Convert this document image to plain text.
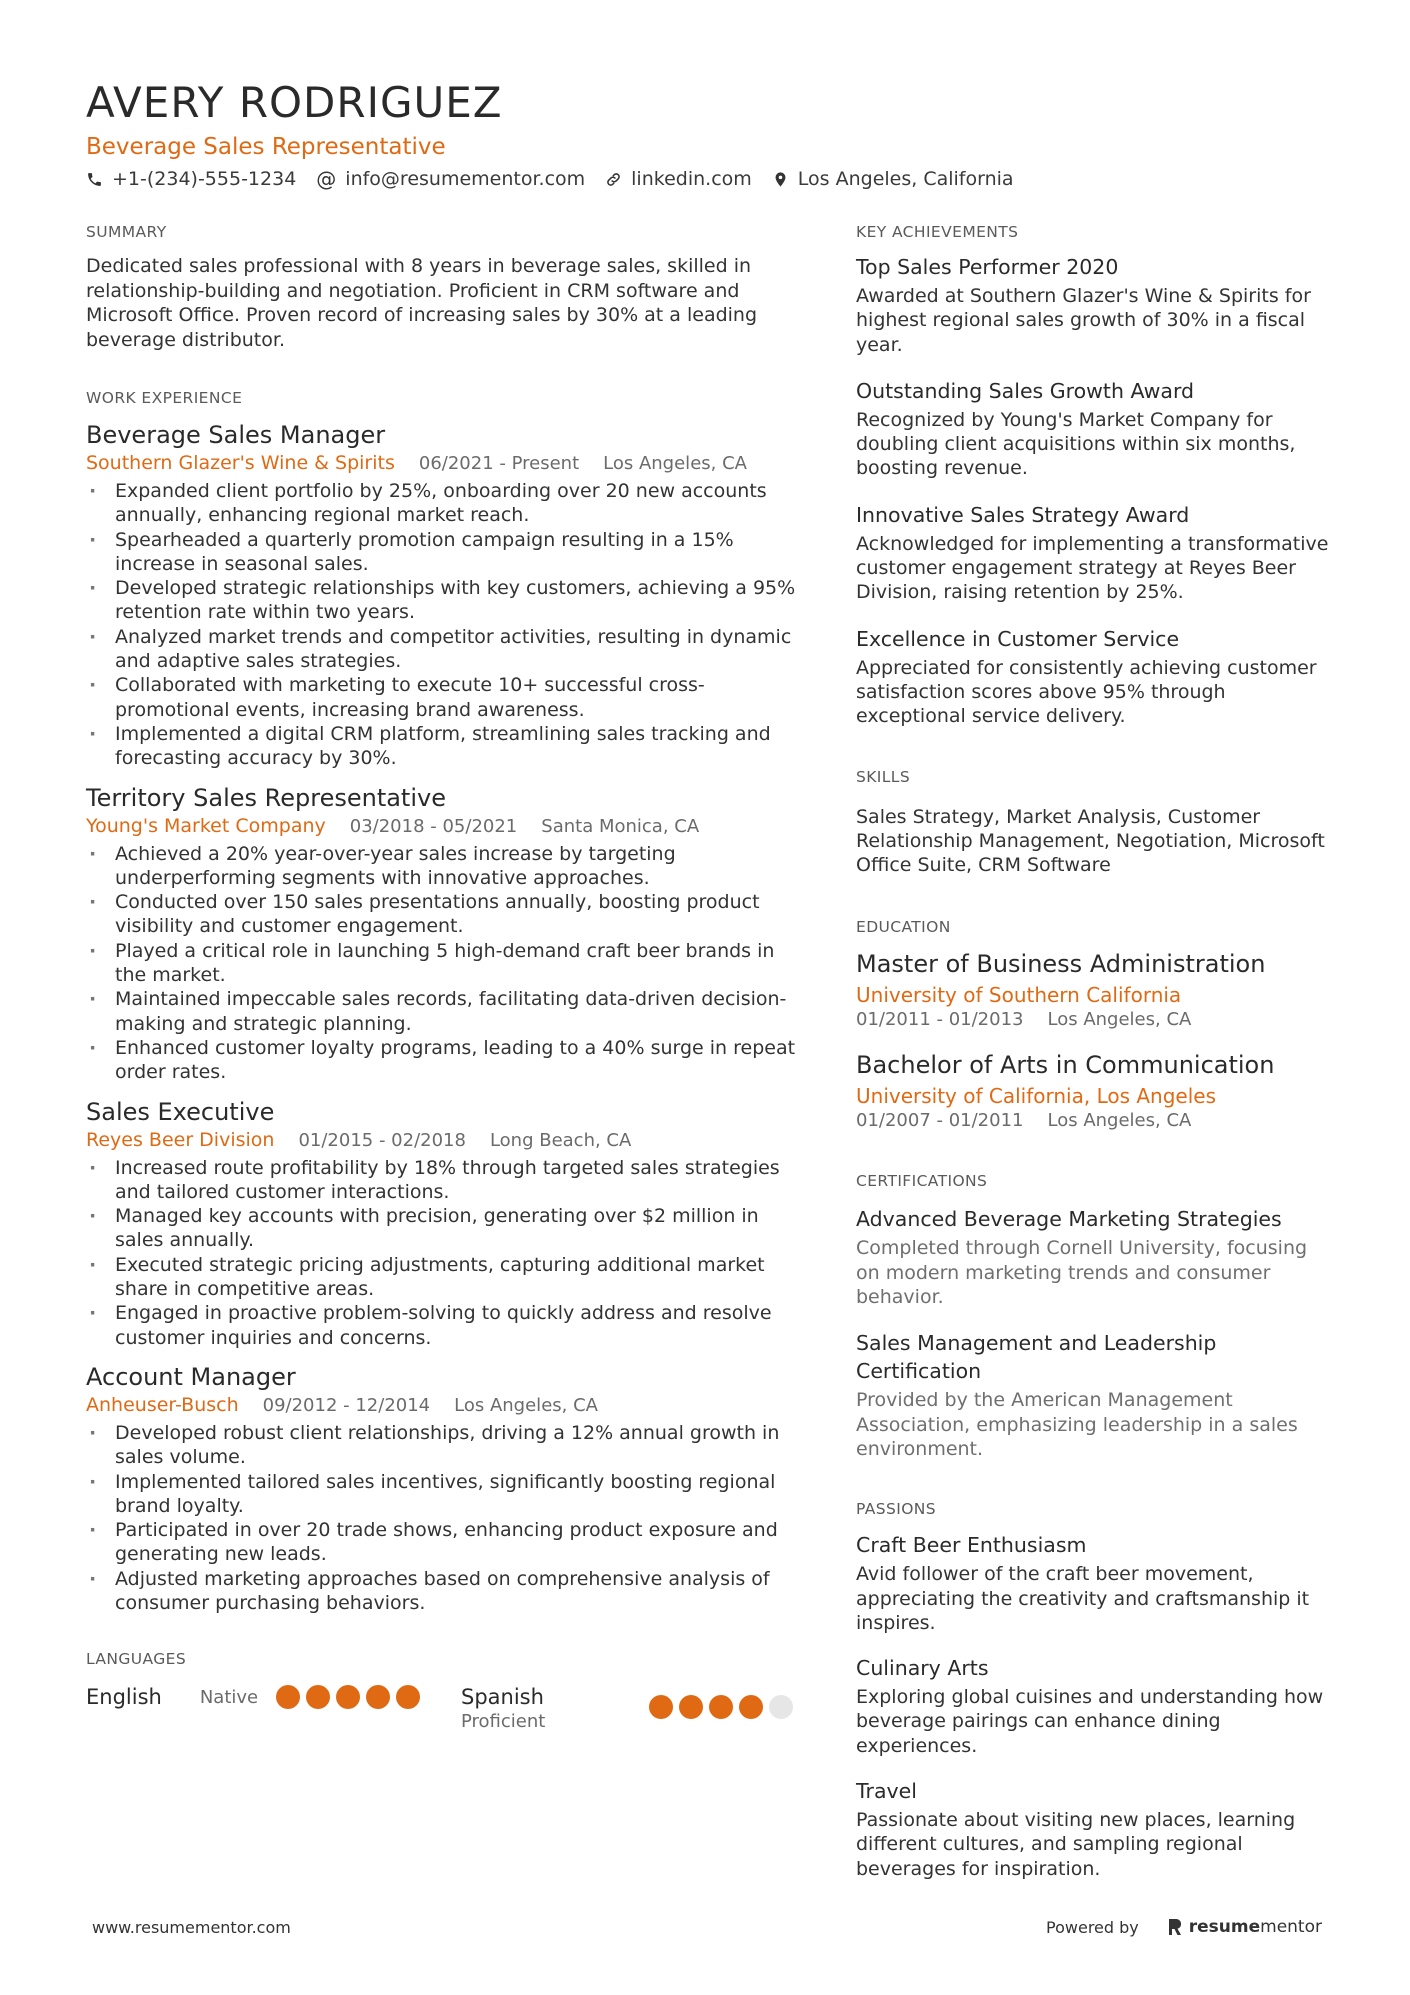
AVERY RODRIGUEZ
Beverage Sales Representative
+1-(234)-555-1234 @ info@resumementor.com linkedin.com Los Angeles, California
SUMMARY
Dedicated sales professional with 8 years in beverage sales, skilled in relationship-building and negotiation. Proficient in CRM software and Microsoft Office. Proven record of increasing sales by 30% at a leading beverage distributor.
WORK EXPERIENCE
Beverage Sales Manager
Southern Glazer's Wine & Spirits 06/2021 - Present Los Angeles, CA
· Expanded client portfolio by 25%, onboarding over 20 new accounts annually, enhancing regional market reach.
· Spearheaded a quarterly promotion campaign resulting in a 15% increase in seasonal sales.
· Developed strategic relationships with key customers, achieving a 95% retention rate within two years.
· Analyzed market trends and competitor activities, resulting in dynamic and adaptive sales strategies.
· Collaborated with marketing to execute 10+ successful cross-promotional events, increasing brand awareness.
· Implemented a digital CRM platform, streamlining sales tracking and forecasting accuracy by 30%.
Territory Sales Representative
Young's Market Company 03/2018 - 05/2021 Santa Monica, CA
· Achieved a 20% year-over-year sales increase by targeting underperforming segments with innovative approaches.
· Conducted over 150 sales presentations annually, boosting product visibility and customer engagement.
· Played a critical role in launching 5 high-demand craft beer brands in the market.
· Maintained impeccable sales records, facilitating data-driven decision-making and strategic planning.
· Enhanced customer loyalty programs, leading to a 40% surge in repeat order rates.
Sales Executive
Reyes Beer Division 01/2015 - 02/2018 Long Beach, CA
· Increased route profitability by 18% through targeted sales strategies and tailored customer interactions.
· Managed key accounts with precision, generating over $2 million in sales annually.
· Executed strategic pricing adjustments, capturing additional market share in competitive areas.
· Engaged in proactive problem-solving to quickly address and resolve customer inquiries and concerns.
Account Manager
Anheuser-Busch 09/2012 - 12/2014 Los Angeles, CA
· Developed robust client relationships, driving a 12% annual growth in sales volume.
· Implemented tailored sales incentives, significantly boosting regional brand loyalty.
· Participated in over 20 trade shows, enhancing product exposure and generating new leads.
· Adjusted marketing approaches based on comprehensive analysis of consumer purchasing behaviors.
LANGUAGES
English Native	Spanish
Proficient
KEY ACHIEVEMENTS
Top Sales Performer 2020
Awarded at Southern Glazer's Wine & Spirits for highest regional sales growth of 30% in a fiscal year.
Outstanding Sales Growth Award
Recognized by Young's Market Company for doubling client acquisitions within six months, boosting revenue.
Innovative Sales Strategy Award
Acknowledged for implementing a transformative customer engagement strategy at Reyes Beer Division, raising retention by 25%.
Excellence in Customer Service
Appreciated for consistently achieving customer satisfaction scores above 95% through exceptional service delivery.
SKILLS
Sales Strategy, Market Analysis, Customer Relationship Management, Negotiation, Microsoft Office Suite, CRM Software
EDUCATION
Master of Business Administration
University of Southern California
01/2011 - 01/2013 Los Angeles, CA
Bachelor of Arts in Communication
University of California, Los Angeles
01/2007 - 01/2011 Los Angeles, CA
CERTIFICATIONS
Advanced Beverage Marketing Strategies
Completed through Cornell University, focusing on modern marketing trends and consumer behavior.
Sales Management and Leadership Certification
Provided by the American Management Association, emphasizing leadership in a sales environment.
PASSIONS
Craft Beer Enthusiasm
Avid follower of the craft beer movement, appreciating the creativity and craftsmanship it inspires.
Culinary Arts
Exploring global cuisines and understanding how beverage pairings can enhance dining experiences.
Travel
Passionate about visiting new places, learning different cultures, and sampling regional beverages for inspiration.
www.resumementor.com	Powered by	resumementor
